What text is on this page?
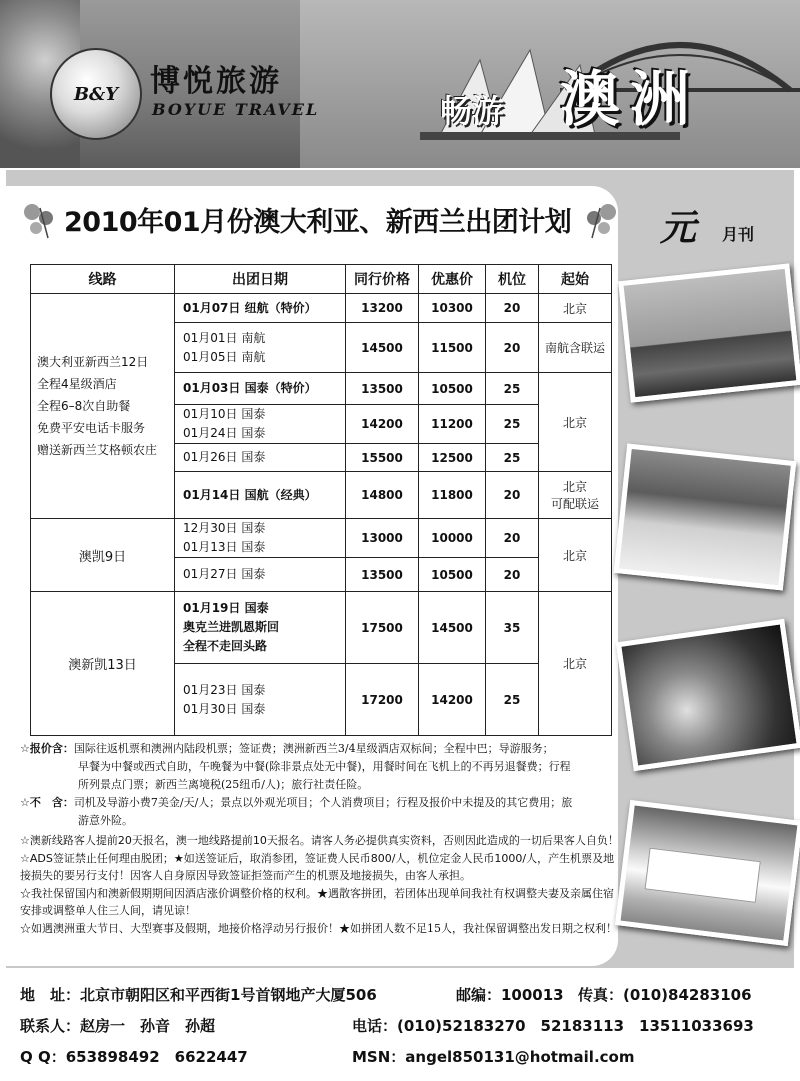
B&Y 博悦旅游
BOYUE TRAVEL	畅游 澳洲
2010年01月份澳大利亚、新西兰出团计划 元 月刊
线路	出团日期	同行价格	优惠价	机位	起始

澳大利亚新西兰12日
全程4星级酒店
全程6–8次自助餐
免费平安电话卡服务
赠送新西兰艾格顿农庄	01月07日 纽航（特价）	13200	10300	20	北京

	01月01日 南航
01月05日 南航	14500	11500	20	南航含联运

	01月03日 国泰（特价）	13500	10500	25	北京

	01月10日 国泰
01月24日 国泰	14200	11200	25	

	01月26日 国泰	15500	12500	25	

	01月14日 国航（经典）	14800	11800	20	北京
可配联运

澳凯9日	12月30日 国泰
01月13日 国泰	13000	10000	20	北京

	01月27日 国泰	13500	10500	20	
澳新凯13日	01月19日 国泰
奥克兰进凯恩斯回
全程不走回头路	17500	14500	35	北京

	01月23日 国泰
01月30日 国泰	17200	14200	25	
☆报价含：国际往返机票和澳洲内陆段机票；签证费；澳洲新西兰3/4星级酒店双标间；全程中巴；导游服务；
早餐为中餐或西式自助，午晚餐为中餐(除非景点处无中餐)，用餐时间在飞机上的不再另退餐费；行程
所列景点门票；新西兰离境税(25纽币/人)；旅行社责任险。
☆不　含：司机及导游小费7美金/天/人；景点以外观光项目；个人消费项目；行程及报价中未提及的其它费用；旅
游意外险。
☆澳新线路客人提前20天报名，澳一地线路提前10天报名。请客人务必提供真实资料，否则因此造成的一切后果客人自负！
☆ADS签证禁止任何理由脱团；★如送签证后，取消参团，签证费人民币800/人，机位定金人民币1000/人，产生机票及地接损失的要另行支付！因客人自身原因导致签证拒签而产生的机票及地接损失，由客人承担。
☆我社保留国内和澳新假期期间因酒店涨价调整价格的权利。★遇散客拼团，若团体出现单间我社有权调整夫妻及亲属住宿安排或调整单人住三人间，请见谅！
☆如遇澳洲重大节日、大型赛事及假期，地接价格浮动另行报价！★如拼团人数不足15人，我社保留调整出发日期之权利！
地　址：北京市朝阳区和平西街1号首钢地产大厦506	邮编：100013 传真：(010)84283106
联系人：赵房一　孙音　孙超	电话：(010)52183270　52183113　13511033693
Q Q：653898492　6622447	MSN：angel850131@hotmail.com
